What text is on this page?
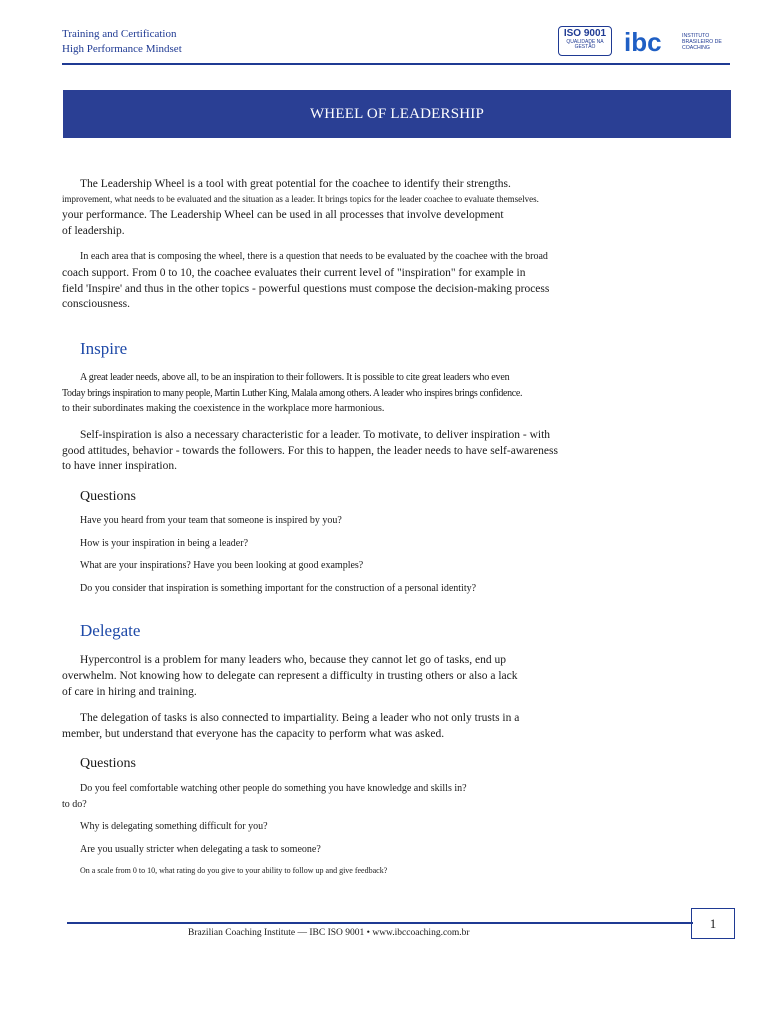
Training and Certification
High Performance Mindset
ISO 9001
QUALIDADE NA GESTÃO	ibc	INSTITUTO
BRASILEIRO DE
COACHING
WHEEL OF LEADERSHIP

The Leadership Wheel is a tool with great potential for the coachee to identify their strengths.

improvement, what needs to be evaluated and the situation as a leader. It brings topics for the leader coachee to evaluate themselves.

your performance. The Leadership Wheel can be used in all processes that involve development

of leadership.

In each area that is composing the wheel, there is a question that needs to be evaluated by the coachee with the broad

coach support. From 0 to 10, the coachee evaluates their current level of "inspiration" for example in

field 'Inspire' and thus in the other topics - powerful questions must compose the decision-making process

consciousness.

Inspire

A great leader needs, above all, to be an inspiration to their followers. It is possible to cite great leaders who even

Today brings inspiration to many people, Martin Luther King, Malala among others. A leader who inspires brings confidence.

to their subordinates making the coexistence in the workplace more harmonious.

Self-inspiration is also a necessary characteristic for a leader. To motivate, to deliver inspiration - with

good attitudes, behavior - towards the followers. For this to happen, the leader needs to have self-awareness

to have inner inspiration.

Questions

Have you heard from your team that someone is inspired by you?

How is your inspiration in being a leader?

What are your inspirations? Have you been looking at good examples?

Do you consider that inspiration is something important for the construction of a personal identity?

Delegate

Hypercontrol is a problem for many leaders who, because they cannot let go of tasks, end up

overwhelm. Not knowing how to delegate can represent a difficulty in trusting others or also a lack

of care in hiring and training.

The delegation of tasks is also connected to impartiality. Being a leader who not only trusts in a

member, but understand that everyone has the capacity to perform what was asked.

Questions

Do you feel comfortable watching other people do something you have knowledge and skills in?

to do?

Why is delegating something difficult for you?

Are you usually stricter when delegating a task to someone?

On a scale from 0 to 10, what rating do you give to your ability to follow up and give feedback?

Brazilian Coaching Institute — IBC ISO 9001 • www.ibccoaching.com.br
1
